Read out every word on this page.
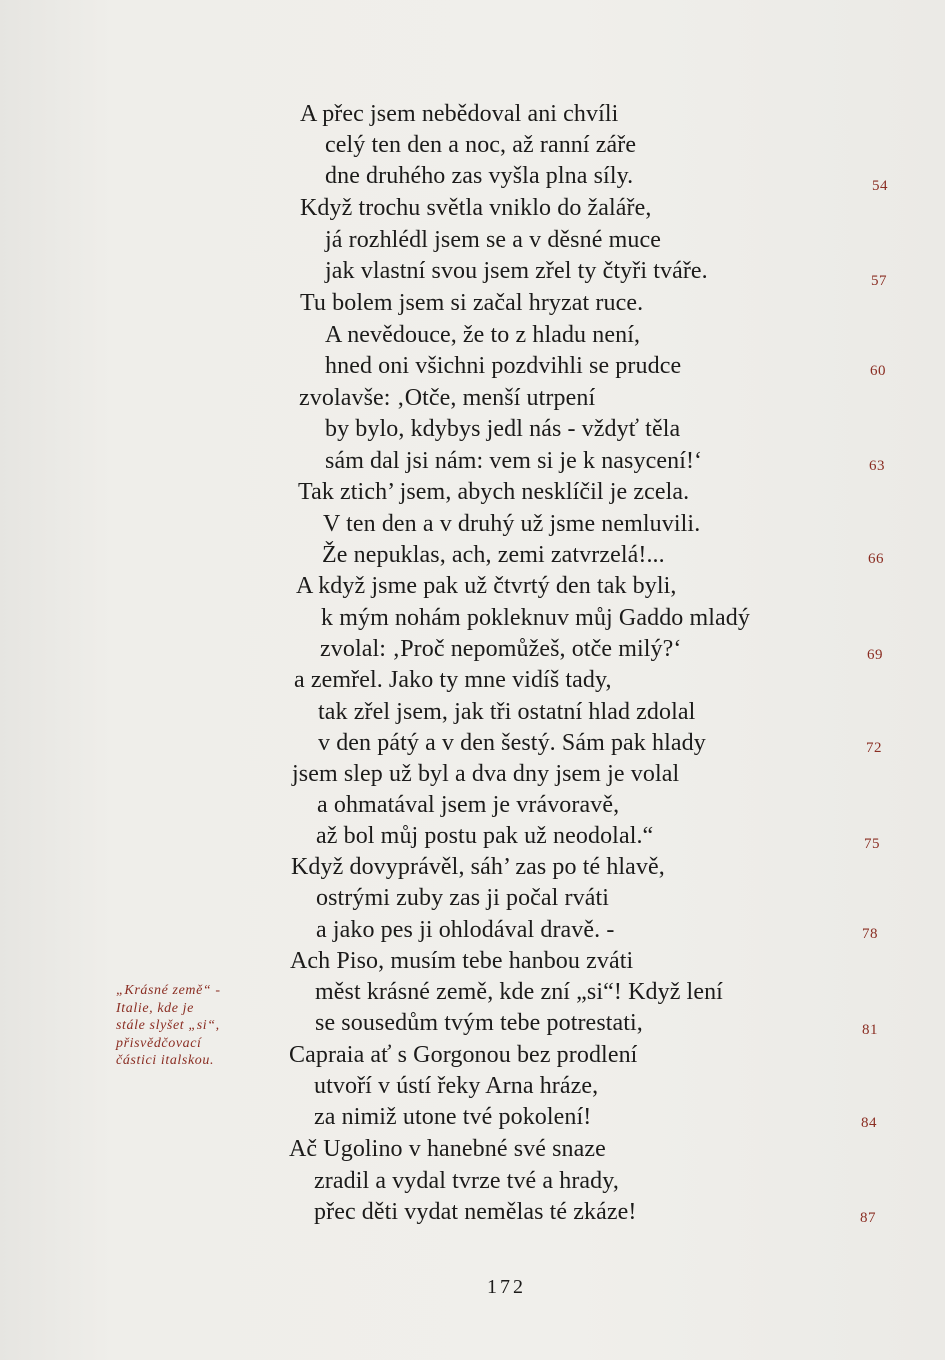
A přec jsem nebědoval ani chvíli
celý ten den a noc, až ranní záře
dne druhého zas vyšla plna síly.
Když trochu světla vniklo do žaláře,
já rozhlédl jsem se a v děsné muce
jak vlastní svou jsem zřel ty čtyři tváře.
Tu bolem jsem si začal hryzat ruce.
A nevědouce, že to z hladu není,
hned oni všichni pozdvihli se prudce
zvolavše: ‚Otče, menší utrpení
by bylo, kdybys jedl nás - vždyť těla
sám dal jsi nám: vem si je k nasycení!‘
Tak ztich’ jsem, abych nesklíčil je zcela.
V ten den a v druhý už jsme nemluvili.
Že nepuklas, ach, zemi zatvrzelá!...
A když jsme pak už čtvrtý den tak byli,
k mým nohám pokleknuv můj Gaddo mladý
zvolal: ‚Proč nepomůžeš, otče milý?‘
a zemřel. Jako ty mne vidíš tady,
tak zřel jsem, jak tři ostatní hlad zdolal
v den pátý a v den šestý. Sám pak hlady
jsem slep už byl a dva dny jsem je volal
a ohmatával jsem je vrávoravě,
až bol můj postu pak už neodolal.“
Když dovyprávěl, sáh’ zas po té hlavě,
ostrými zuby zas ji počal rváti
a jako pes ji ohlodával dravě. -
Ach Piso, musím tebe hanbou zváti
měst krásné země, kde zní „si“! Když lení
se sousedům tvým tebe potrestati,
Capraia ať s Gorgonou bez prodlení
utvoří v ústí řeky Arna hráze,
za nimiž utone tvé pokolení!
Ač Ugolino v hanebné své snaze
zradil a vydal tvrze tvé a hrady,
přec děti vydat nemělas té zkáze!
54
57
60
63
66
69
72
75
78
81
84
87
„Krásné země“ -
Italie, kde je
stále slyšet „si“,
přisvědčovací
částici italskou.
172
